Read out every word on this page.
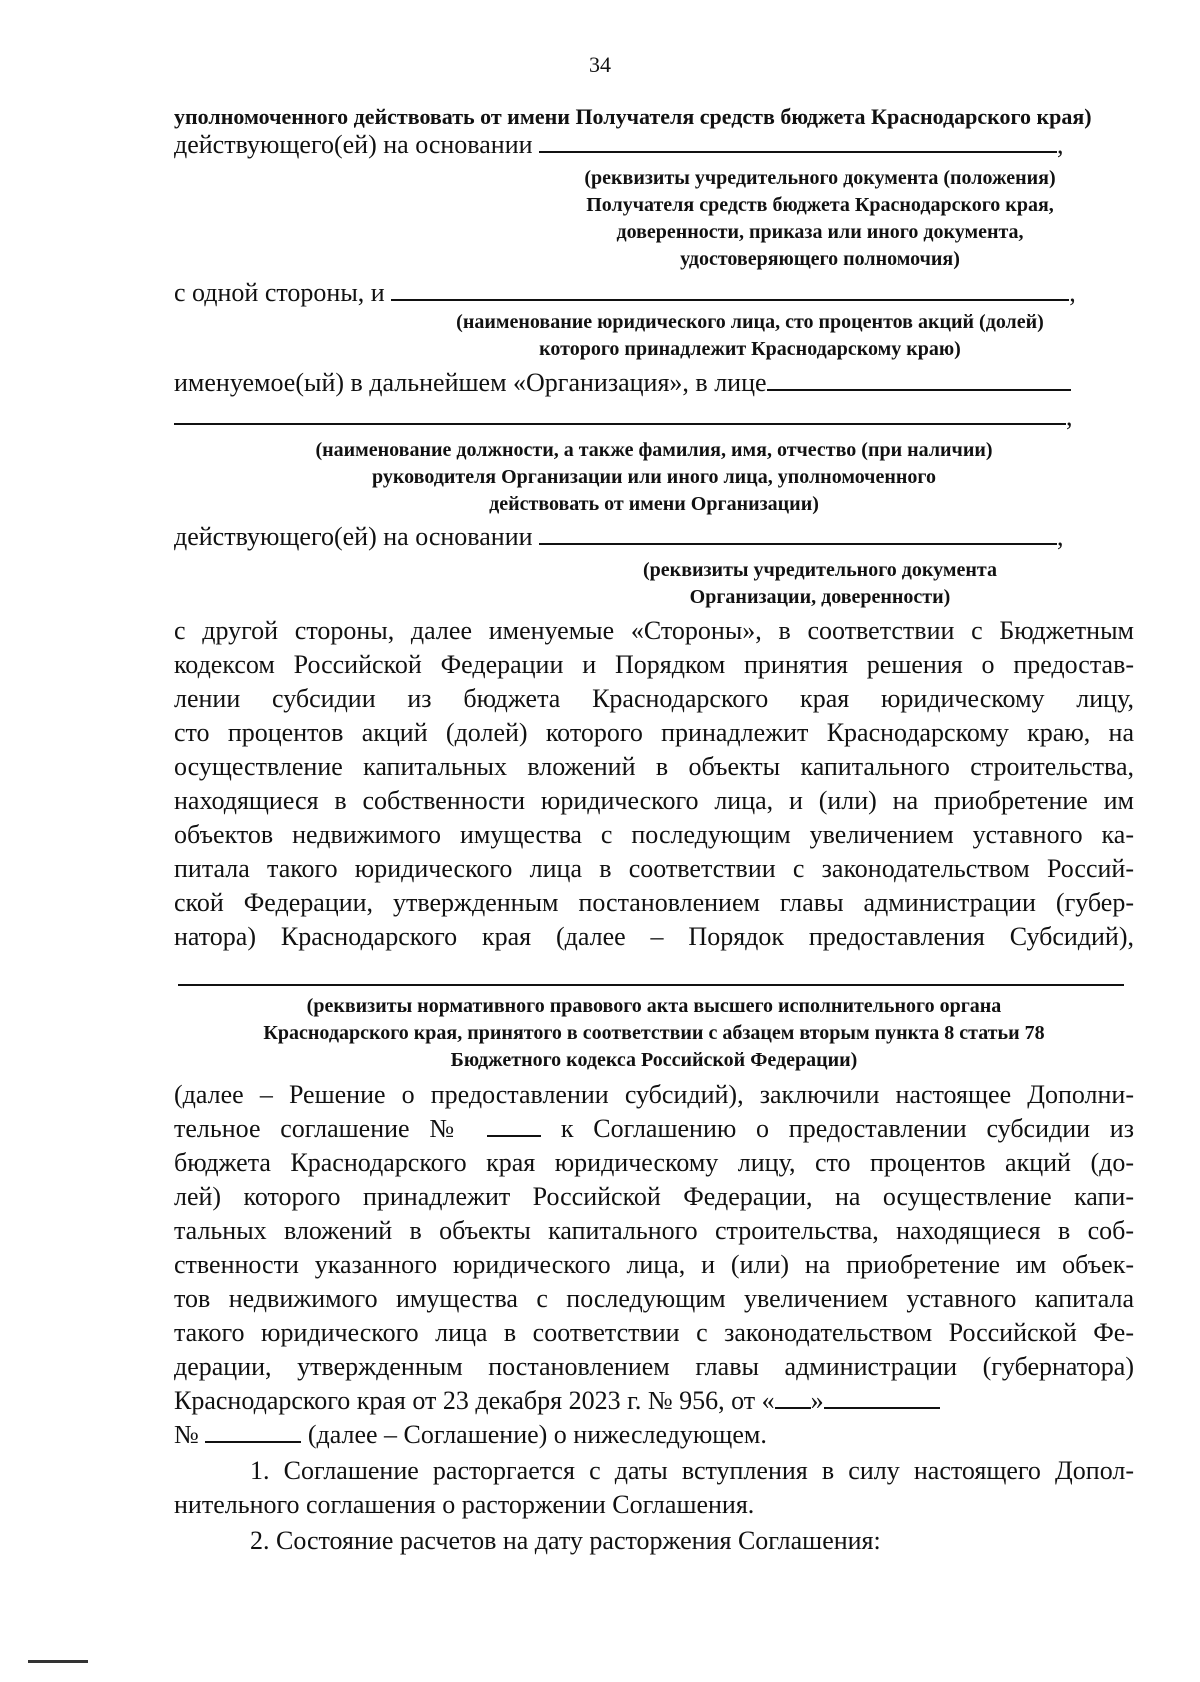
34
уполномоченного действовать от имени Получателя средств бюджета Краснодарского края)
действующего(ей) на основании	,
(реквизиты учредительного документа (положения)
Получателя средств бюджета Краснодарского края,
доверенности, приказа или иного документа,
удостоверяющего полномочия)
с одной стороны, и	,
(наименование юридического лица, сто процентов акций (долей)
которого принадлежит Краснодарскому краю)
именуемое(ый) в дальнейшем «Организация», в лице
,
(наименование должности, а также фамилия, имя, отчество (при наличии)
руководителя Организации или иного лица, уполномоченного
действовать от имени Организации)
действующего(ей) на основании	,
(реквизиты учредительного документа
Организации, доверенности)
с другой стороны, далее именуемые «Стороны», в соответствии с Бюджетным
кодексом Российской Федерации и Порядком принятия решения о предостав-
лении субсидии из бюджета Краснодарского края юридическому лицу,
сто процентов акций (долей) которого принадлежит Краснодарскому краю, на
осуществление капитальных вложений в объекты капитального строительства,
находящиеся в собственности юридического лица, и (или) на приобретение им
объектов недвижимого имущества с последующим увеличением уставного ка-
питала такого юридического лица в соответствии с законодательством Россий-
ской Федерации, утвержденным постановлением главы администрации (губер-
натора) Краснодарского края (далее – Порядок предоставления Субсидий),
(реквизиты нормативного правового акта высшего исполнительного органа
Краснодарского края, принятого в соответствии с абзацем вторым пункта 8 статьи 78
Бюджетного кодекса Российской Федерации)
(далее – Решение о предоставлении субсидий), заключили настоящее Дополни-
тельное соглашение №	к Соглашению о предоставлении субсидии из
бюджета Краснодарского края юридическому лицу, сто процентов акций (до-
лей) которого принадлежит Российской Федерации, на осуществление капи-
тальных вложений в объекты капитального строительства, находящиеся в соб-
ственности указанного юридического лица, и (или) на приобретение им объек-
тов недвижимого имущества с последующим увеличением уставного капитала
такого юридического лица в соответствии с законодательством Российской Фе-
дерации, утвержденным постановлением главы администрации (губернатора)
Краснодарского края от 23 декабря 2023 г. № 956, от « »
№	(далее – Соглашение) о нижеследующем.
1. Соглашение расторгается с даты вступления в силу настоящего Допол-
нительного соглашения о расторжении Соглашения.
2. Состояние расчетов на дату расторжения Соглашения:
